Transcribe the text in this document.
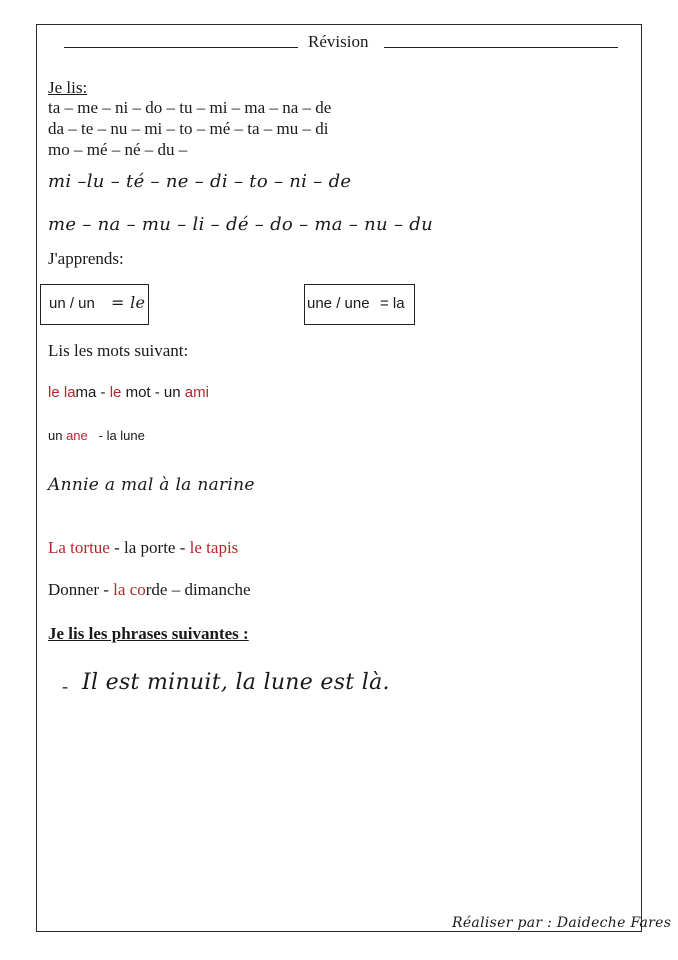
Révision
Je lis:
ta – me – ni – do – tu – mi – ma – na – de
da – te – nu – mi – to – mé – ta – mu – di
mo – mé – né – du –
mi –lu – té – ne – di – to – ni – de
me – na – mu – li – dé – do – ma – nu – du
J'apprends:
un / un = le	une / une = la
Lis les mots suivant:
le lama - le mot - un ami
un ane - la lune
Annie a mal à la narine
La tortue - la porte - le tapis
Donner - la corde – dimanche
Je lis les phrases suivantes :
- Il est minuit, la lune est là.
Réaliser par : Daideche Fares
